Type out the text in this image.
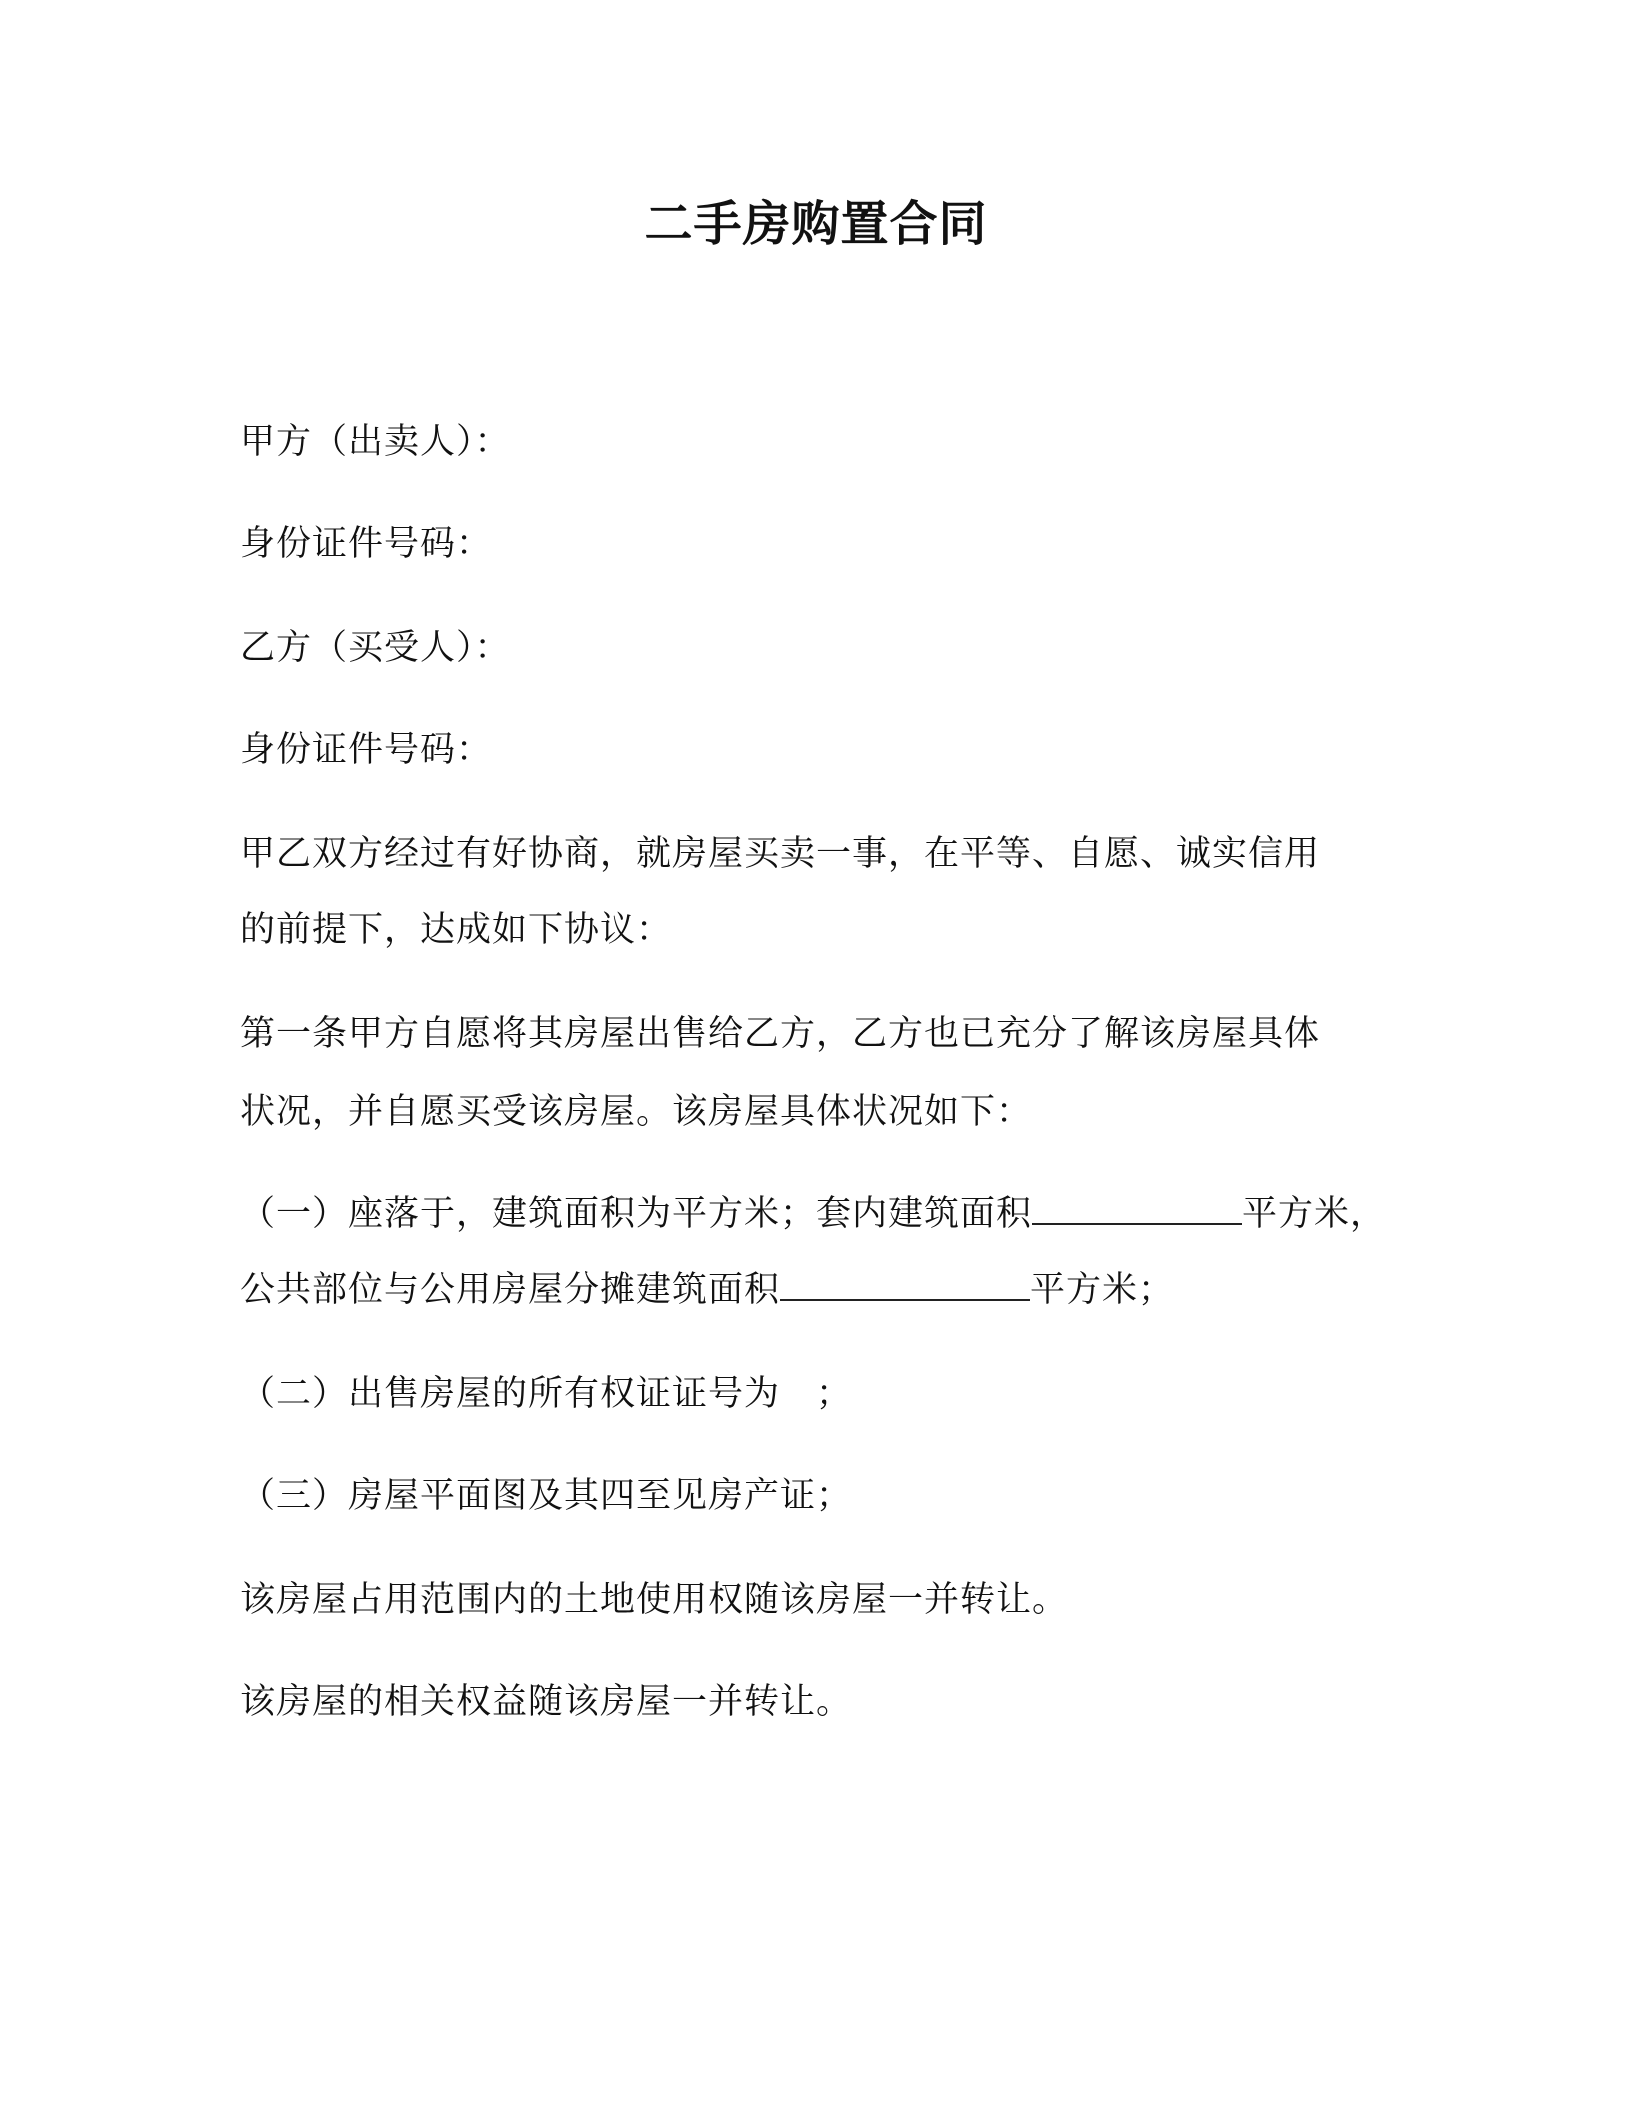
二手房购置合同
甲方（出卖人）：
身份证件号码：
乙方（买受人）：
身份证件号码：
甲乙双方经过有好协商，就房屋买卖一事，在平等、自愿、诚实信用
的前提下，达成如下协议：
第一条甲方自愿将其房屋出售给乙方，乙方也已充分了解该房屋具体
状况，并自愿买受该房屋。该房屋具体状况如下：
（一）座落于，建筑面积为平方米；套内建筑面积	平方米，
公共部位与公用房屋分摊建筑面积	平方米；
（二）出售房屋的所有权证证号为　；
（三）房屋平面图及其四至见房产证；
该房屋占用范围内的土地使用权随该房屋一并转让。
该房屋的相关权益随该房屋一并转让。
